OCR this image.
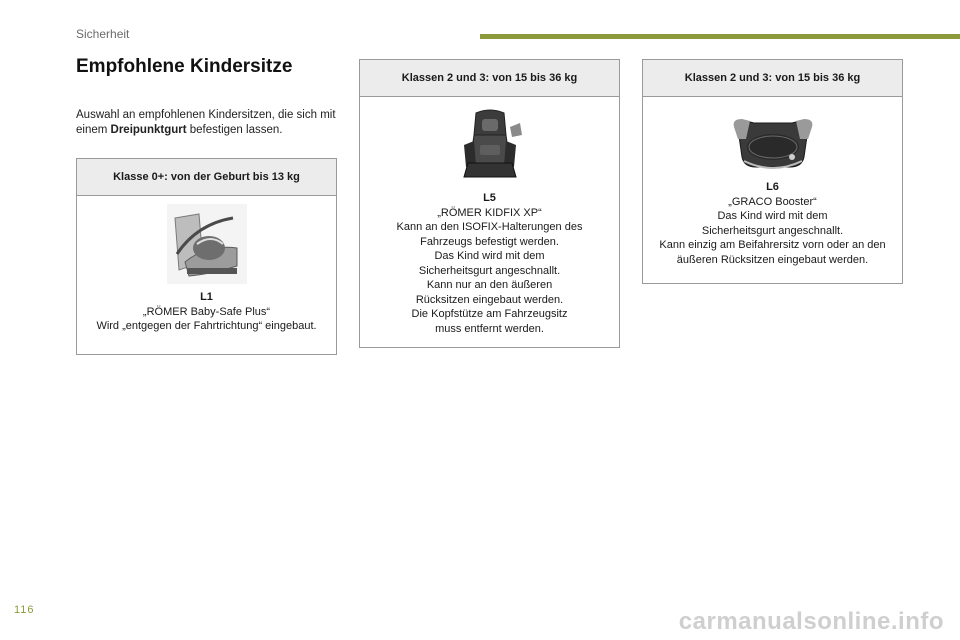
Sicherheit
Empfohlene Kindersitze
Auswahl an empfohlenen Kindersitzen, die sich mit einem Dreipunktgurt befestigen lassen.
Klasse 0+: von der Geburt bis 13 kg
L1
„RÖMER Baby-Safe Plus“
Wird „entgegen der Fahrtrichtung“ eingebaut.
Klassen 2 und 3: von 15 bis 36 kg
L5
„RÖMER KIDFIX XP“
Kann an den ISOFIX-Halterungen des Fahrzeugs befestigt werden.
Das Kind wird mit dem Sicherheitsgurt angeschnallt.
Kann nur an den äußeren Rücksitzen eingebaut werden.
Die Kopfstütze am Fahrzeugsitz muss entfernt werden.
Klassen 2 und 3: von 15 bis 36 kg
L6
„GRACO Booster“
Das Kind wird mit dem Sicherheitsgurt angeschnallt.
Kann einzig am Beifahrersitz vorn oder an den äußeren Rücksitzen eingebaut werden.
116	carmanualsonline.info
